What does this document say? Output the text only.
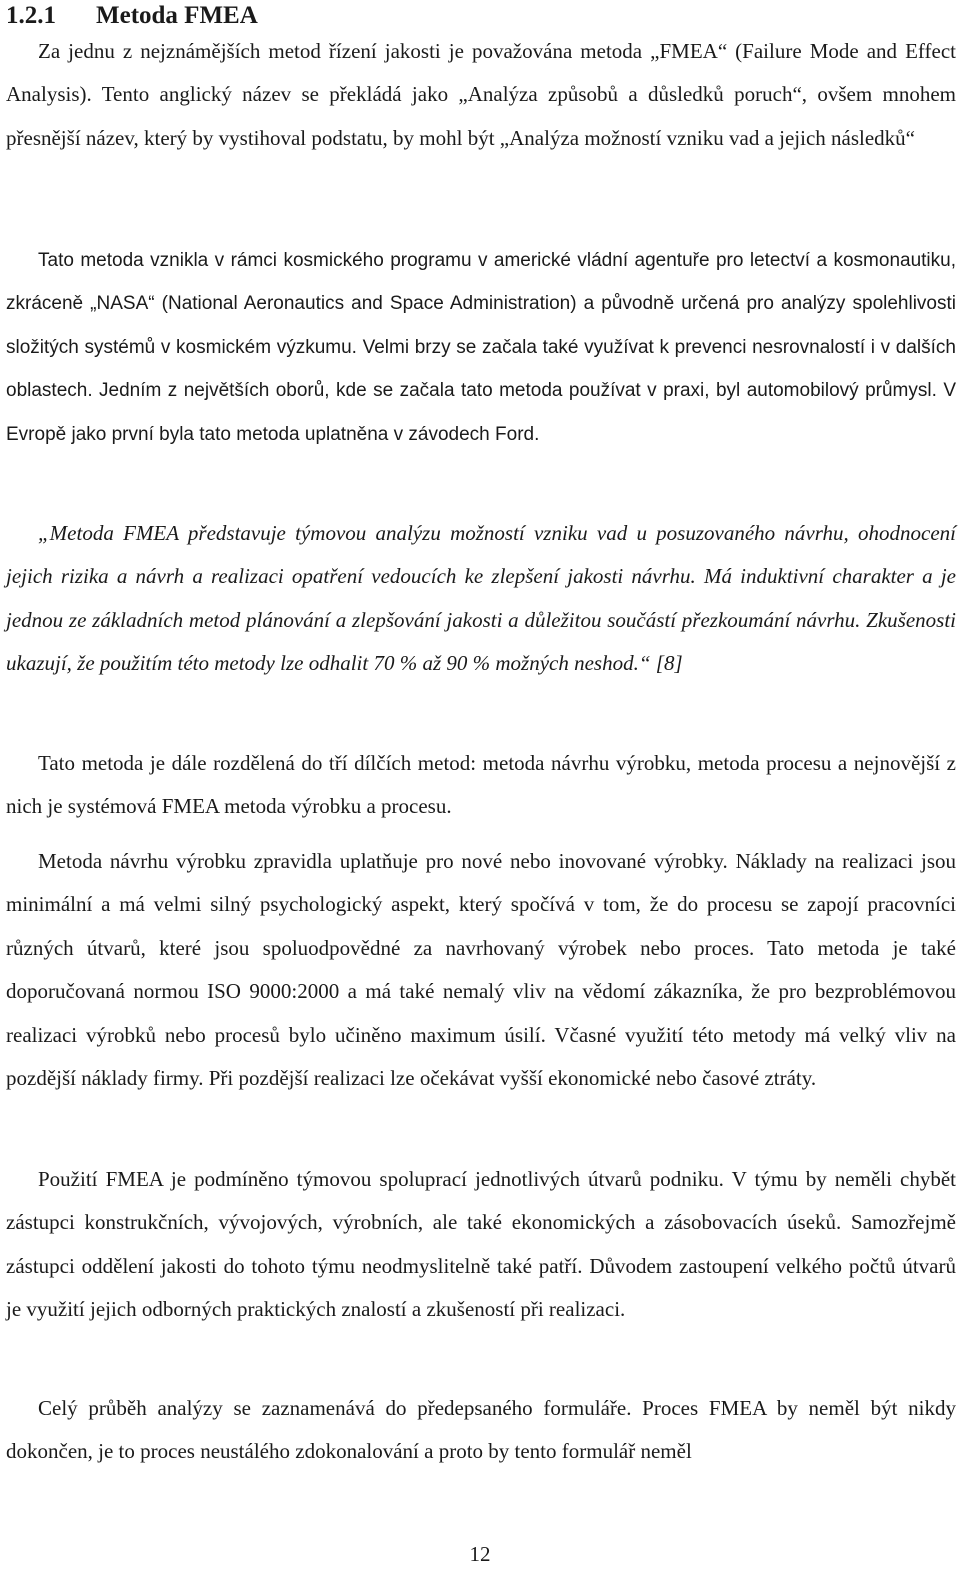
1.2.1 Metoda FMEA

Za jednu z nejznámějších metod řízení jakosti je považována metoda „FMEA“ (Failure Mode and Effect Analysis). Tento anglický název se překládá jako „Analýza způsobů a důsledků poruch“, ovšem mnohem přesnější název, který by vystihoval podstatu, by mohl být „Analýza možností vzniku vad a jejich následků“

Tato metoda vznikla v rámci kosmického programu v americké vládní agentuře pro letectví a kosmonautiku, zkráceně „NASA“ (National Aeronautics and Space Administration) a původně určená pro analýzy spolehlivosti složitých systémů v kosmickém výzkumu. Velmi brzy se začala také využívat k prevenci nesrovnalostí i v dalších oblastech. Jedním z největších oborů, kde se začala tato metoda používat v praxi, byl automobilový průmysl. V Evropě jako první byla tato metoda uplatněna v závodech Ford.

„Metoda FMEA představuje týmovou analýzu možností vzniku vad u posuzovaného návrhu, ohodnocení jejich rizika a návrh a realizaci opatření vedoucích ke zlepšení jakosti návrhu. Má induktivní charakter a je jednou ze základních metod plánování a zlepšování jakosti a důležitou součástí přezkoumání návrhu. Zkušenosti ukazují, že použitím této metody lze odhalit 70 % až 90 % možných neshod.“ [8]

Tato metoda je dále rozdělená do tří dílčích metod: metoda návrhu výrobku, metoda procesu a nejnovější z nich je systémová FMEA metoda výrobku a procesu.

Metoda návrhu výrobku zpravidla uplatňuje pro nové nebo inovované výrobky. Náklady na realizaci jsou minimální a má velmi silný psychologický aspekt, který spočívá v tom, že do procesu se zapojí pracovníci různých útvarů, které jsou spoluodpovědné za navrhovaný výrobek nebo proces. Tato metoda je také doporučovaná normou ISO 9000:2000 a má také nemalý vliv na vědomí zákazníka, že pro bezproblémovou realizaci výrobků nebo procesů bylo učiněno maximum úsilí. Včasné využití této metody má velký vliv na pozdější náklady firmy. Při pozdější realizaci lze očekávat vyšší ekonomické nebo časové ztráty.

Použití FMEA je podmíněno týmovou spoluprací jednotlivých útvarů podniku. V týmu by neměli chybět zástupci konstrukčních, vývojových, výrobních, ale také ekonomických a zásobovacích úseků. Samozřejmě zástupci oddělení jakosti do tohoto týmu neodmyslitelně také patří. Důvodem zastoupení velkého počtů útvarů je využití jejich odborných praktických znalostí a zkušeností při realizaci.

Celý průběh analýzy se zaznamenává do předepsaného formuláře. Proces FMEA by neměl být nikdy dokončen, je to proces neustálého zdokonalování a proto by tento formulář neměl

12
